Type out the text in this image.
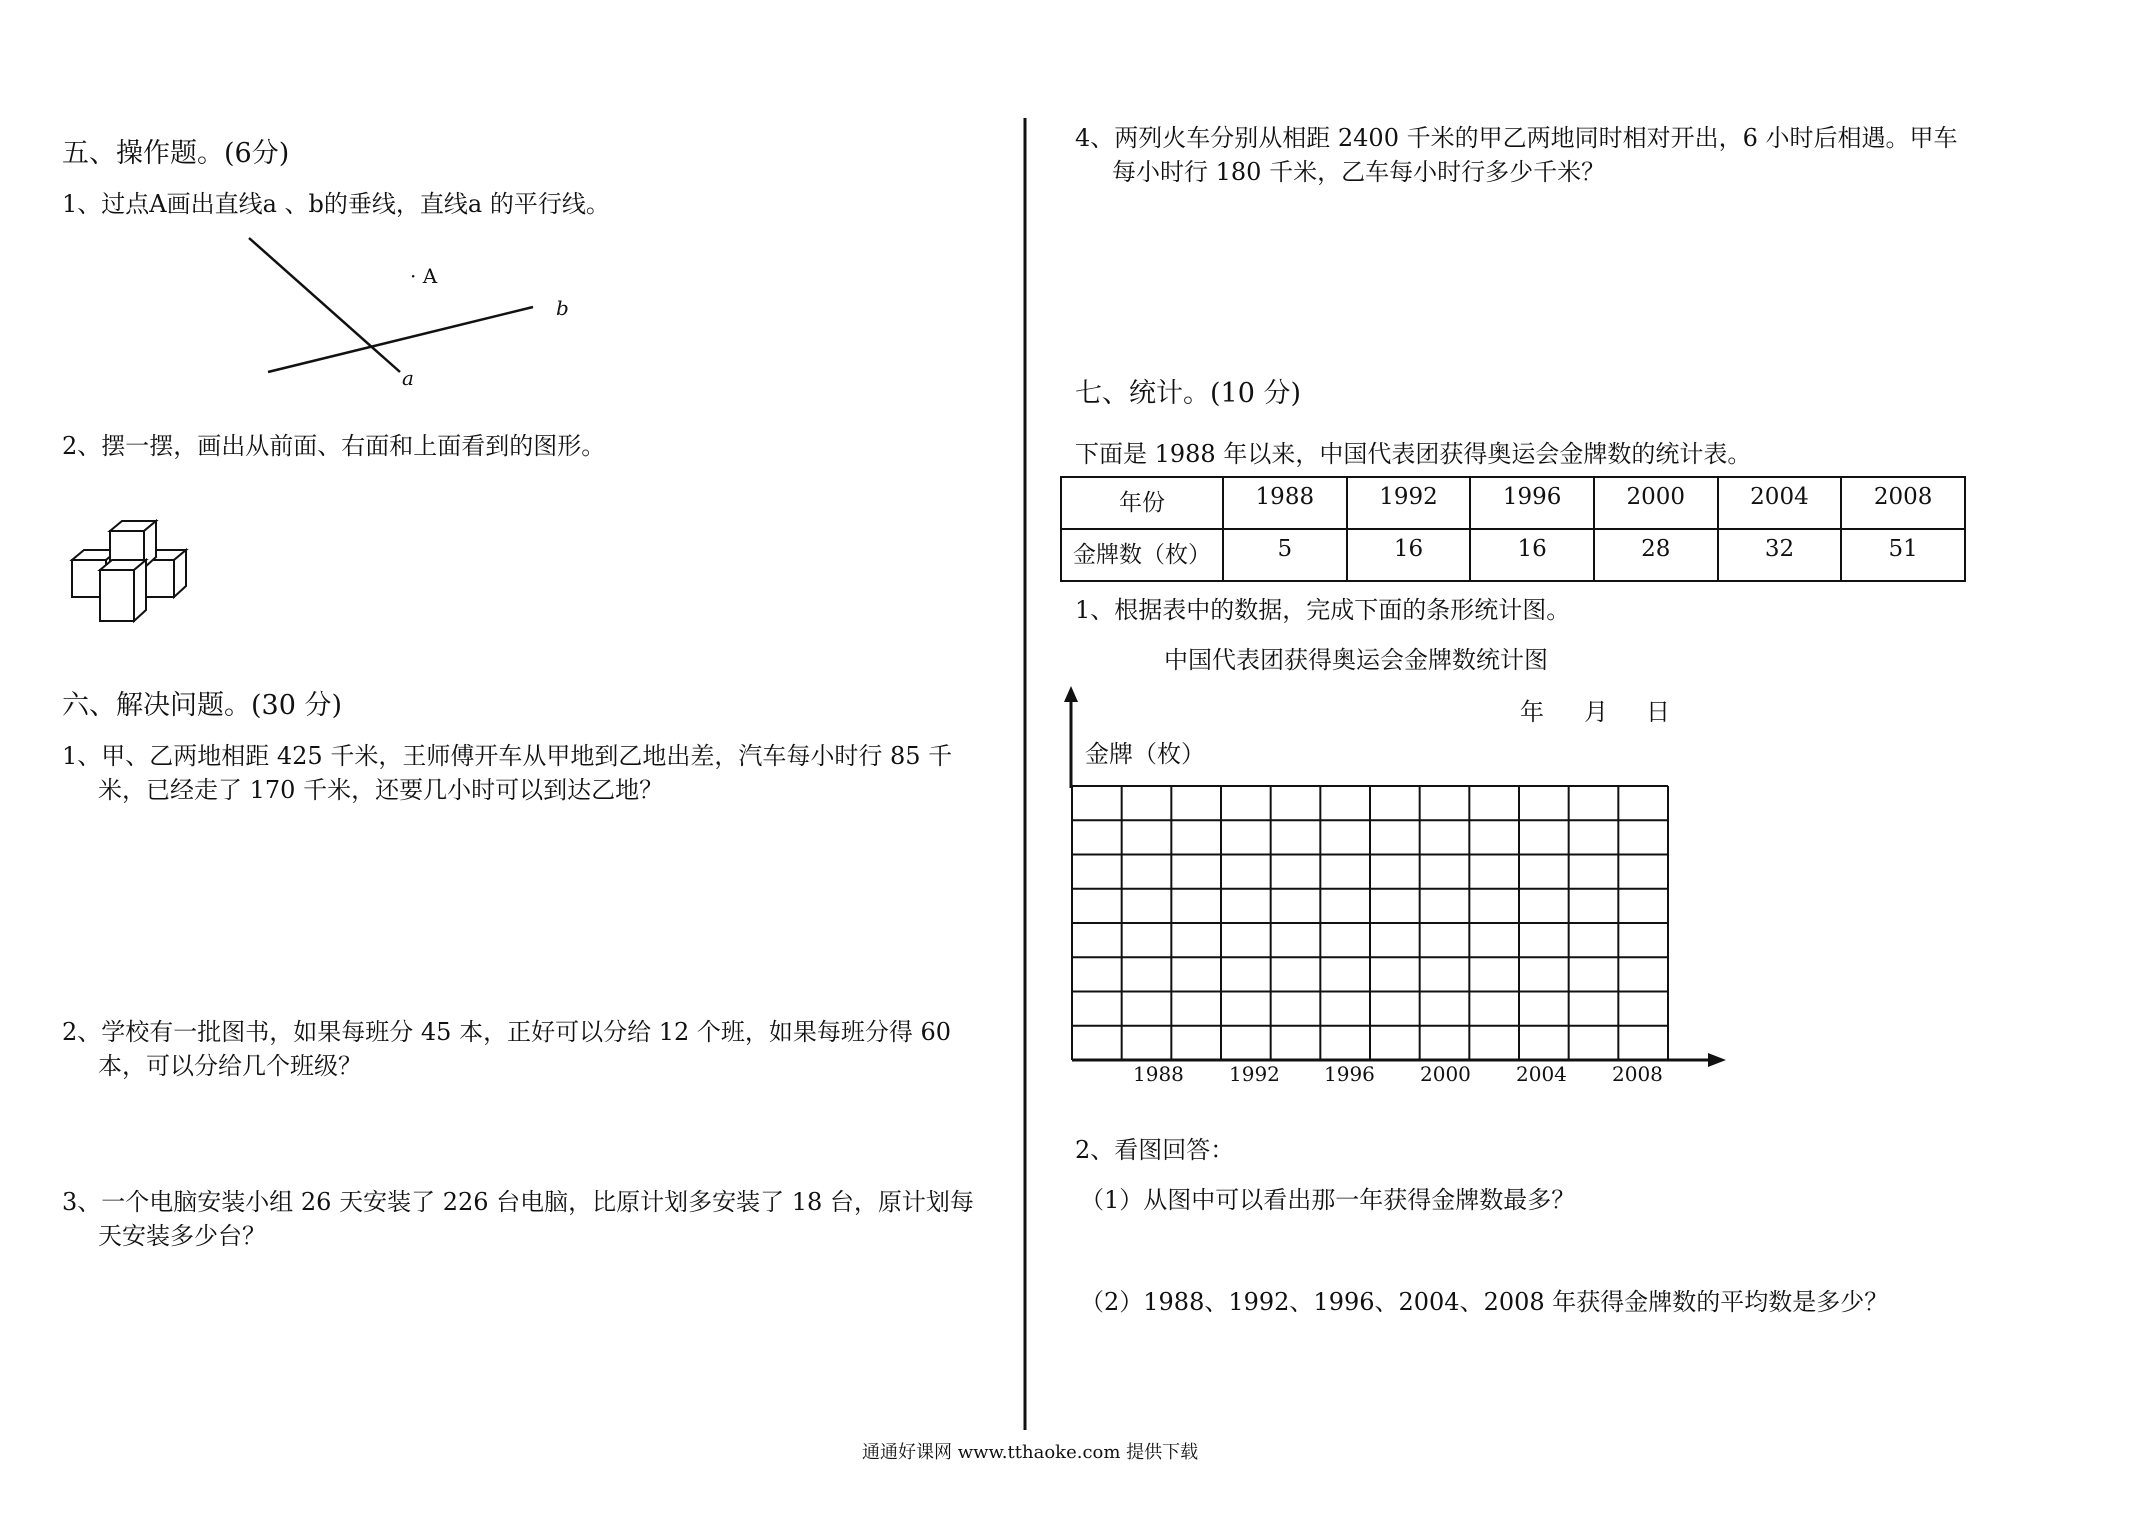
五、操作题。(6分)
1、过点A画出直线a 、b的垂线，直线a 的平行线。
· A
b
a
2、摆一摆，画出从前面、右面和上面看到的图形。
六、解决问题。(30 分)
1、甲、乙两地相距 425 千米，王师傅开车从甲地到乙地出差，汽车每小时行 85 千
米，已经走了 170 千米，还要几小时可以到达乙地？
2、学校有一批图书，如果每班分 45 本，正好可以分给 12 个班，如果每班分得 60
本，可以分给几个班级？
3、一个电脑安装小组 26 天安装了 226 台电脑，比原计划多安装了 18 台，原计划每
天安装多少台？
4、两列火车分别从相距 2400 千米的甲乙两地同时相对开出，6 小时后相遇。甲车
每小时行 180 千米，乙车每小时行多少千米？
七、统计。(10 分)
下面是 1988 年以来，中国代表团获得奥运会金牌数的统计表。
年份	1988	1992	1996	2000	2004	2008
金牌数（枚）	5	16	16	28	32	51
1、根据表中的数据，完成下面的条形统计图。
中国代表团获得奥运会金牌数统计图
年 月 日
金牌（枚）
1988 1992 1996 2000 2004 2008
2、看图回答：
（1）从图中可以看出那一年获得金牌数最多？
（2）1988、1992、1996、2004、2008 年获得金牌数的平均数是多少？
通通好课网 www.tthaoke.com 提供下载
